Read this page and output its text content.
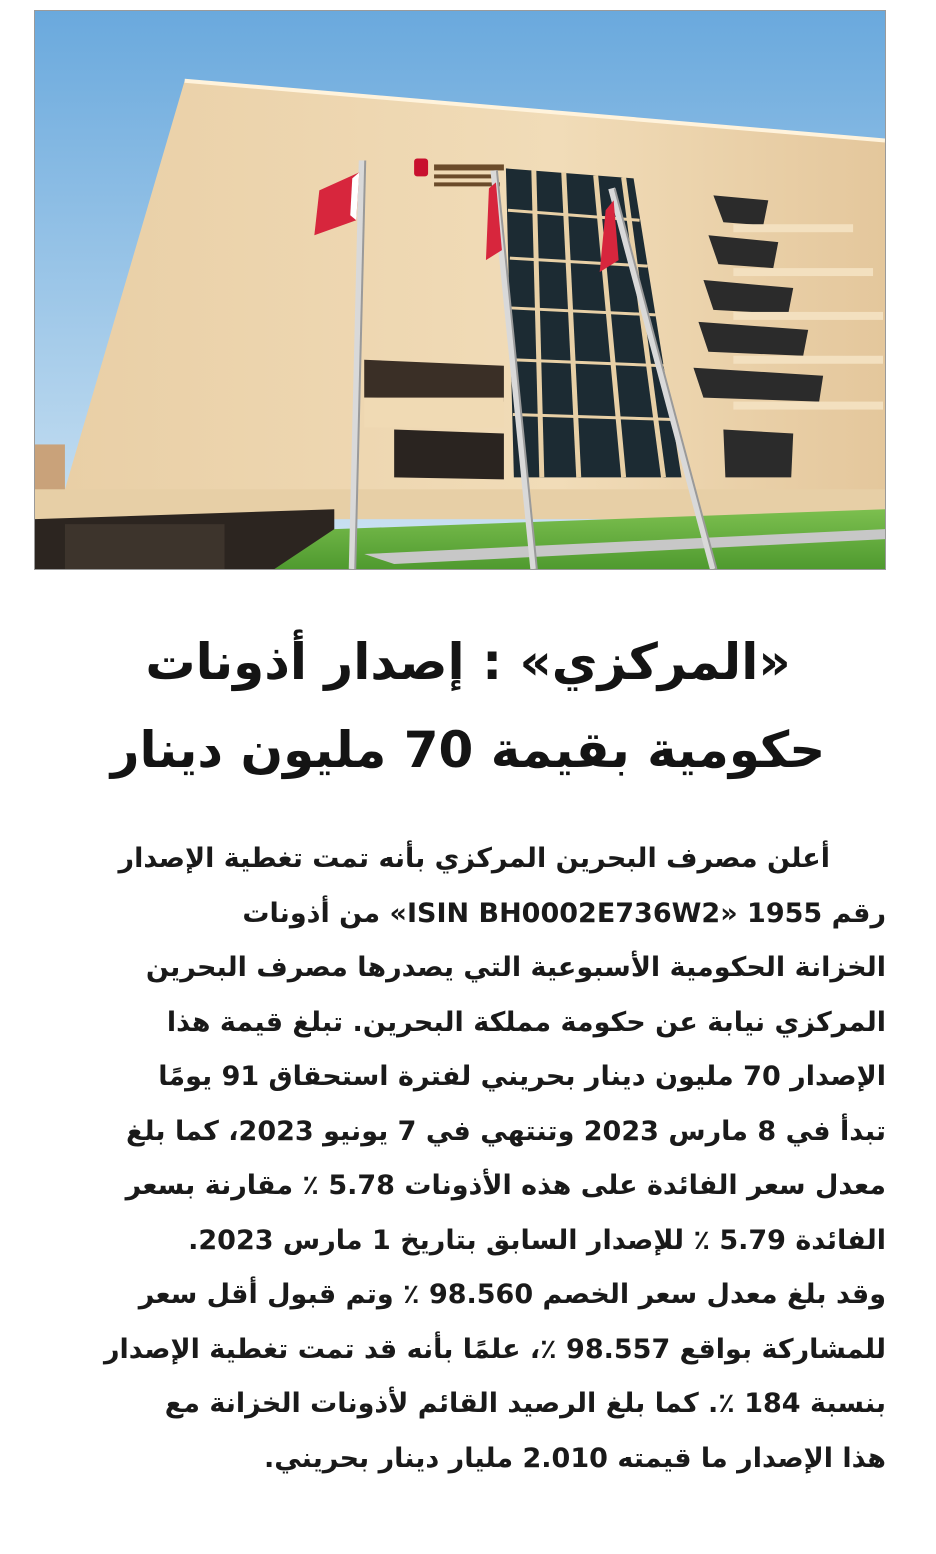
«المركزي» : إصدار أذونات
حكومية بقيمة 70 مليون دينار
أعلن مصرف البحرين المركزي بأنه تمت تغطية الإصدار
رقم 1955 «ISIN BH0002E736W2» من أذونات
الخزانة الحكومية الأسبوعية التي يصدرها مصرف البحرين
المركزي نيابة عن حكومة مملكة البحرين. تبلغ قيمة هذا
الإصدار 70 مليون دينار بحريني لفترة استحقاق 91 يومًا
تبدأ في 8 مارس 2023 وتنتهي في 7 يونيو 2023، كما بلغ
معدل سعر الفائدة على هذه الأذونات 5.78 ٪ مقارنة بسعر
الفائدة 5.79 ٪ للإصدار السابق بتاريخ 1 مارس 2023.
وقد بلغ معدل سعر الخصم 98.560 ٪ وتم قبول أقل سعر
للمشاركة بواقع 98.557 ٪، علمًا بأنه قد تمت تغطية الإصدار
بنسبة 184 ٪. كما بلغ الرصيد القائم لأذونات الخزانة مع
هذا الإصدار ما قيمته 2.010 مليار دينار بحريني.
